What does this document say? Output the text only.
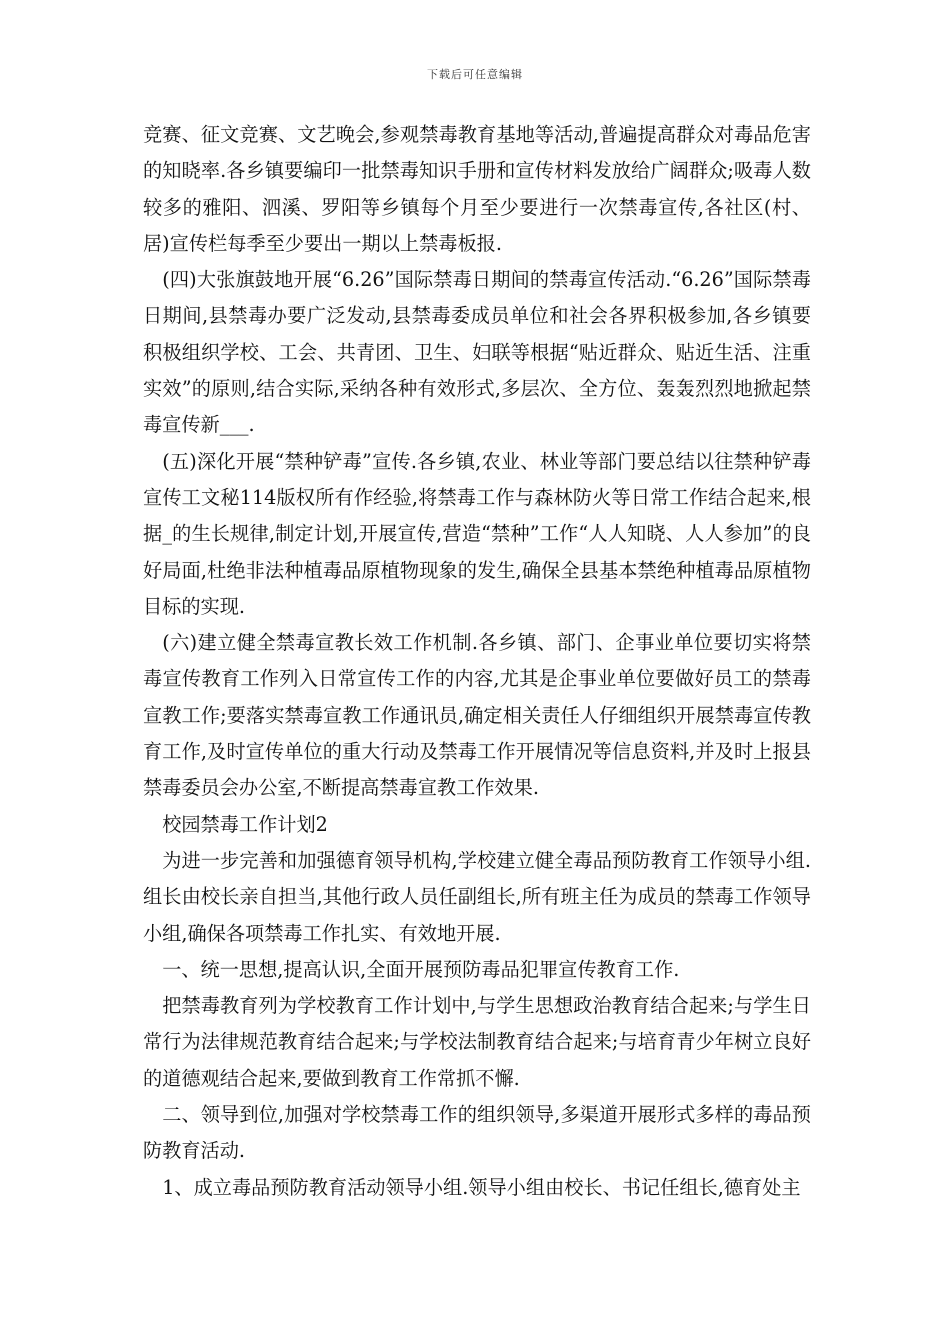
下载后可任意编辑

竞赛、征文竞赛、文艺晚会,参观禁毒教育基地等活动,普遍提高群众对毒品危害的知晓率.各乡镇要编印一批禁毒知识手册和宣传材料发放给广阔群众;吸毒人数较多的雅阳、泗溪、罗阳等乡镇每个月至少要进行一次禁毒宣传,各社区(村、居)宣传栏每季至少要出一期以上禁毒板报.

(四)大张旗鼓地开展“6.26”国际禁毒日期间的禁毒宣传活动.“6.26”国际禁毒日期间,县禁毒办要广泛发动,县禁毒委成员单位和社会各界积极参加,各乡镇要积极组织学校、工会、共青团、卫生、妇联等根据“贴近群众、贴近生活、注重实效”的原则,结合实际,采纳各种有效形式,多层次、全方位、轰轰烈烈地掀起禁毒宣传新___.

(五)深化开展“禁种铲毒”宣传.各乡镇,农业、林业等部门要总结以往禁种铲毒宣传工文秘114版权所有作经验,将禁毒工作与森林防火等日常工作结合起来,根据_的生长规律,制定计划,开展宣传,营造“禁种”工作“人人知晓、人人参加”的良好局面,杜绝非法种植毒品原植物现象的发生,确保全县基本禁绝种植毒品原植物目标的实现.

(六)建立健全禁毒宣教长效工作机制.各乡镇、部门、企事业单位要切实将禁毒宣传教育工作列入日常宣传工作的内容,尤其是企事业单位要做好员工的禁毒宣教工作;要落实禁毒宣教工作通讯员,确定相关责任人仔细组织开展禁毒宣传教育工作,及时宣传单位的重大行动及禁毒工作开展情况等信息资料,并及时上报县禁毒委员会办公室,不断提高禁毒宣教工作效果.

校园禁毒工作计划2

为进一步完善和加强德育领导机构,学校建立健全毒品预防教育工作领导小组.组长由校长亲自担当,其他行政人员任副组长,所有班主任为成员的禁毒工作领导小组,确保各项禁毒工作扎实、有效地开展.

一、统一思想,提高认识,全面开展预防毒品犯罪宣传教育工作.

把禁毒教育列为学校教育工作计划中,与学生思想政治教育结合起来;与学生日常行为法律规范教育结合起来;与学校法制教育结合起来;与培育青少年树立良好的道德观结合起来,要做到教育工作常抓不懈.

二、领导到位,加强对学校禁毒工作的组织领导,多渠道开展形式多样的毒品预防教育活动.

1、成立毒品预防教育活动领导小组.领导小组由校长、书记任组长,德育处主
